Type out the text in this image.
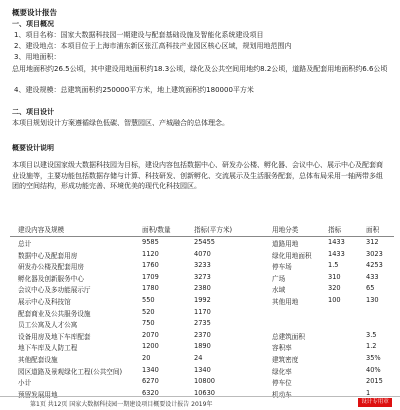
概要设计报告
一、项目概况
1、项目名称：国家大数据科技园一期建设与配套基础设施及智能化系统建设项目
2、建设地点：本项目位于上海市浦东新区张江高科技产业园区核心区域，规划用地范围内
3、用地面积：
总用地面积约26.5公顷，其中建设用地面积约18.3公顷，绿化及公共空间用地约8.2公顷，道路及配套用地面积约6.6公顷
4、建设规模：总建筑面积约250000平方米，地上建筑面积约180000平方米
二、项目设计
本项目规划设计方案遵循绿色低碳、智慧园区、产城融合的总体理念。
概要设计说明
本项目以建设国家级大数据科技园为目标，建设内容包括数据中心、研发办公楼、孵化器、会议中心、展示中心及配套商业设施等，主要功能包括数据存储与计算、科技研发、创新孵化、交流展示及生活服务配套，总体布局采用一轴两带多组团的空间结构，形成功能完善、环境优美的现代化科技园区。
建设内容及规模	面积/数量	指标(平方米)	用地分类	指标	面积
总计	9585	25455	道路用地	1433	312
数据中心及配套用房	1120	4070	绿化用地面积 1433	3023
研发办公楼及配套用房	1760	3233	停车场	1.5	4253
孵化器及创新服务中心	1709	3273	广场	310	433
会议中心及多功能展示厅	1780	2380	水域	320	65
展示中心及科技馆	550	1992	其他用地	100	130
配套商业及公共服务设施	520	1170
员工公寓及人才公寓	750	2735
设备用房及地下车库配套	2070	2370	总建筑面积	3.5
地下车库及人防工程	1200	1890	容积率	1.2
其他配套设施	20	24	建筑密度	35%
园区道路及景观绿化工程(公共空间)	1340	1340	绿化率	40%
小计	6270	10800	停车位	2015
预留发展用地	6320	10630	机动车	1
第1页 共12页 国家大数据科技园一期建设项目概要设计报告 2019年	设计专用章
